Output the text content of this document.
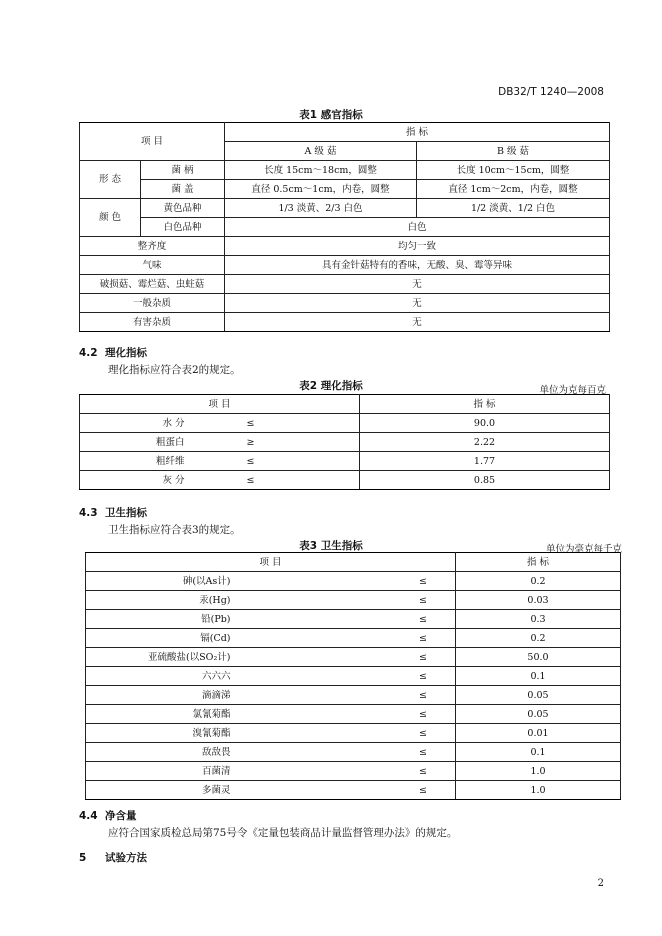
DB32/T 1240—2008
表1 感官指标
项 目		指 标	
		A 级 菇	B 级 菇
形 态	菌 柄	长度 15cm～18cm，圆整	长度 10cm～15cm，圆整
	菌 盖	直径 0.5cm～1cm，内卷，圆整	直径 1cm～2cm，内卷，圆整
颜 色	黄色品种	1/3 淡黄、2/3 白色	1/2 淡黄、1/2 白色
	白色品种	白色	
整齐度		均匀一致	
气味		具有金针菇特有的香味，无酸、臭、霉等异味	
破损菇、霉烂菇、虫蛀菇		无	
一般杂质		无	
有害杂质		无	
4.2 理化指标
理化指标应符合表2的规定。
表2 理化指标	单位为克每百克
项 目		指 标
水 分	≤	90.0
粗蛋白	≥	2.22
粗纤维	≤	1.77
灰 分	≤	0.85
4.3 卫生指标
卫生指标应符合表3的规定。
表3 卫生指标	单位为毫克每千克
项 目		指 标
砷(以As计)	≤	0.2
汞(Hg)	≤	0.03
铅(Pb)	≤	0.3
镉(Cd)	≤	0.2
亚硫酸盐(以SO₂计)	≤	50.0
六六六	≤	0.1
滴滴涕	≤	0.05
氯氰菊酯	≤	0.05
溴氰菊酯	≤	0.01
敌敌畏	≤	0.1
百菌清	≤	1.0
多菌灵	≤	1.0
4.4 净含量
应符合国家质检总局第75号令《定量包装商品计量监督管理办法》的规定。
5 试验方法
2
